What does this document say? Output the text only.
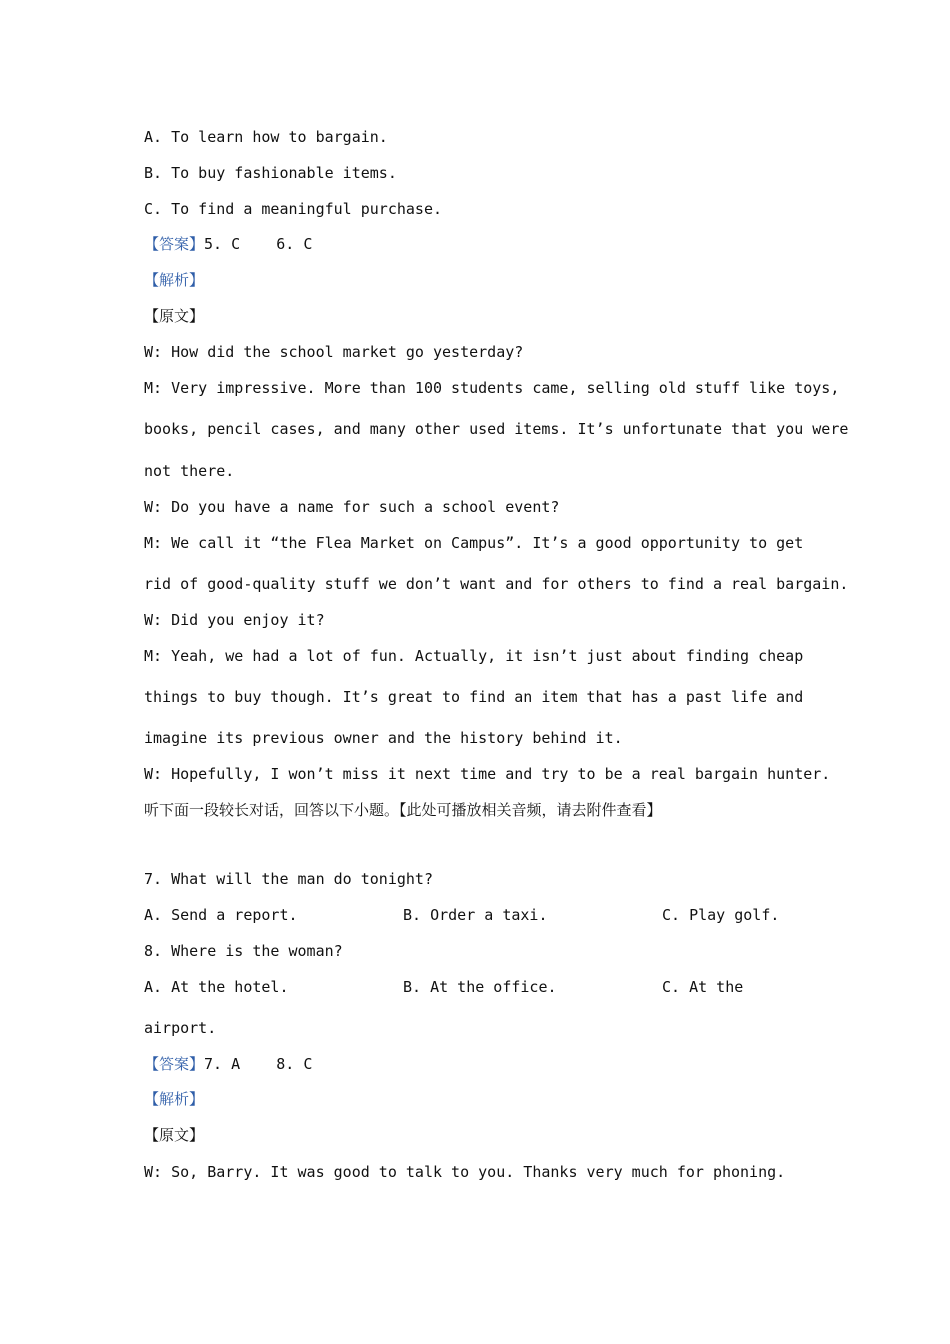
A. To learn how to bargain.

B. To buy fashionable items.

C. To find a meaningful purchase.

【答案】5. C    6. C

【解析】

【原文】

W: How did the school market go yesterday?

M: Very impressive. More than 100 students came, selling old stuff like toys,

books, pencil cases, and many other used items. It’s unfortunate that you were

not there.

W: Do you have a name for such a school event?

M: We call it “the Flea Market on Campus”. It’s a good opportunity to get

rid of good-quality stuff we don’t want and for others to find a real bargain.

W: Did you enjoy it?

M: Yeah, we had a lot of fun. Actually, it isn’t just about finding cheap

things to buy though. It’s great to find an item that has a past life and

imagine its previous owner and the history behind it.

W: Hopefully, I won’t miss it next time and try to be a real bargain hunter.

听下面一段较长对话，回答以下小题。【此处可播放相关音频，请去附件查看】

7. What will the man do tonight?

A. Send a report.	B. Order a taxi.	C. Play golf.

8. Where is the woman?

A. At the hotel.	B. At the office.	C. At the

airport.

【答案】7. A    8. C

【解析】

【原文】

W: So, Barry. It was good to talk to you. Thanks very much for phoning.
